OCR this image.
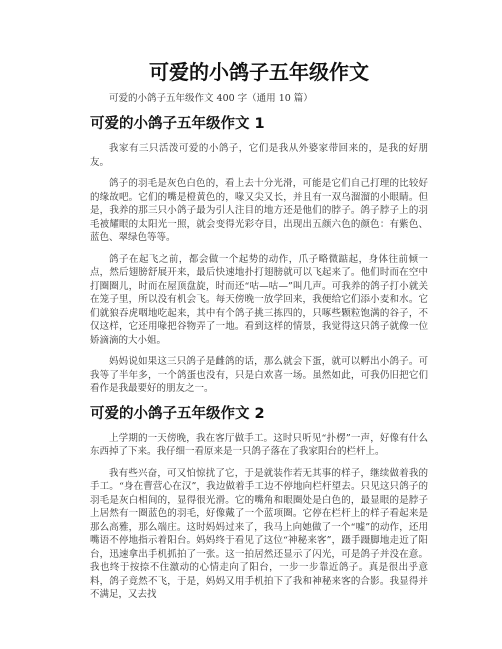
可爱的小鸽子五年级作文
可爱的小鸽子五年级作文 400 字（通用 10 篇）
可爱的小鸽子五年级作文 1

我家有三只活泼可爱的小鸽子，它们是我从外婆家带回来的，是我的好朋友。

鸽子的羽毛是灰色白色的，看上去十分光滑，可能是它们自己打理的比较好的缘故吧。它们的嘴是橙黄色的，喙又尖又长，并且有一双乌溜溜的小眼睛。但是，我养的那三只小鸽子最为引人注目的地方还是他们的脖子。鸽子脖子上的羽毛被耀眼的太阳光一照，就会变得光彩夺目，出现出五颜六色的颜色：有紫色、蓝色、翠绿色等等。

鸽子在起飞之前，都会做一个起势的动作，爪子略微踮起，身体往前倾一点，然后翅膀舒展开来，最后快速地扑打翅膀就可以飞起来了。他们时而在空中打圈圈儿，时而在屋顶盘旋，时而还“咕—咕—”叫几声。可我养的鸽子打小就关在笼子里，所以没有机会飞。每天傍晚一放学回来，我便给它们添小麦和水。它们就狼吞虎咽地吃起来，其中有个鸽子挑三拣四的，只啄些颗粒饱满的谷子，不仅这样，它还用喙把谷物弄了一地。看到这样的情景，我觉得这只鸽子就像一位娇滴滴的大小姐。

妈妈说如果这三只鸽子是雌鸽的话，那么就会下蛋，就可以孵出小鸽子。可我等了半年多，一个鸽蛋也没有，只是白欢喜一场。虽然如此，可我仍旧把它们看作是我最要好的朋友之一。

可爱的小鸽子五年级作文 2

上学期的一天傍晚，我在客厅做手工。这时只听见“扑楞”一声，好像有什么东西掉了下来。我仔细一看原来是一只鸽子落在了我家阳台的栏杆上。

我有些兴奋，可又怕惊扰了它，于是就装作若无其事的样子，继续做着我的手工。“身在曹营心在汉”，我边做着手工边不停地向栏杆望去。只见这只鸽子的羽毛是灰白相间的，显得很光滑。它的嘴角和眼圈处是白色的，最显眼的是脖子上居然有一圈蓝色的羽毛，好像戴了一个蓝项圈。它停在栏杆上的样子看起来是那么高雅，那么端庄。这时妈妈过来了，我马上向她做了一个“嘘”的动作，还用嘴语不停地指示着阳台。妈妈终于看见了这位“神秘来客”，蹑手蹑脚地走近了阳台，迅速拿出手机抓拍了一张。这一拍居然还显示了闪光，可是鸽子并没在意。我也终于按捺不住激动的心情走向了阳台，一步一步靠近鸽子。真是很出乎意料，鸽子竟然不飞，于是，妈妈又用手机拍下了我和神秘来客的合影。我显得并不满足，又去找
